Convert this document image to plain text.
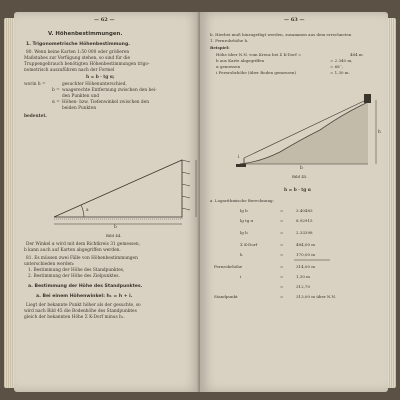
— 62 —
V. Höhenbestimmungen.
1. Trigonometrische Höhenbestimmung.
80. Wenn keine Karten 1:50 000 oder größeren
Maßstabes zur Verfügung stehen, so sind für die
Truppengebrauch benötigten Höhenbestimmungen trigo-
nometrisch auszuführen nach der Formel
h = b · tg α;
worin h =	gesuchter Höhenunterschied,
b = waagerechte Entfernung zwischen den bei-
den Punkten und
α = Höhen- bzw. Tiefenwinkel zwischen den
beiden Punkten
bedeutet.
a
b
Bild 44.
Der Winkel α wird mit dem Richtkreis 31 gemessen,
b kann auch auf Karten abgegriffen werden.
81. Es müssen zwei Fälle von Höhenbestimmungen
unterschieden werden:
1. Bestimmung der Höhe des Standpunktes,
2. Bestimmung der Höhe des Zielpunktes.
a. Bestimmung der Höhe des Standpunktes.
a. Bei einem Höhenwinkel: h₁ = h + i.
Liegt der bekannte Punkt höher als der gesuchte, so
wird nach Bild 45 die Bodenhöhe des Standpunktes
gleich der bekannten Höhe Σ K-Dorf minus h₁.
— 63 —
b. Hierbei muß hinzugefügt werden, zusammen aus dem errechneten
1. Fernrohrhöhe h.
Beispiel:
Höhe über N.N. vom Kreuz bei Σ K-Dorf =	484 m
b aus Karte abgegriffen	= 2 340 m,
α gemessen	= 68⁻,
i Fernrohrhöhe (über Boden gemessen)	= 1,30 m.
h
i
b
Bild 45.
h = b · tg α
a. Logarithmische Berechnung:
lg b	=	3.40483
lg tg α	=	8.92915
lg h	=	2.33398
Σ K-Dorf	=	484,00 m
h	=	170,00 m
Fernrohrhöhe	=	314,00 m
i	=	1,30 m
=	312,70
Standpunkt	=	313,00 m über N.N.
